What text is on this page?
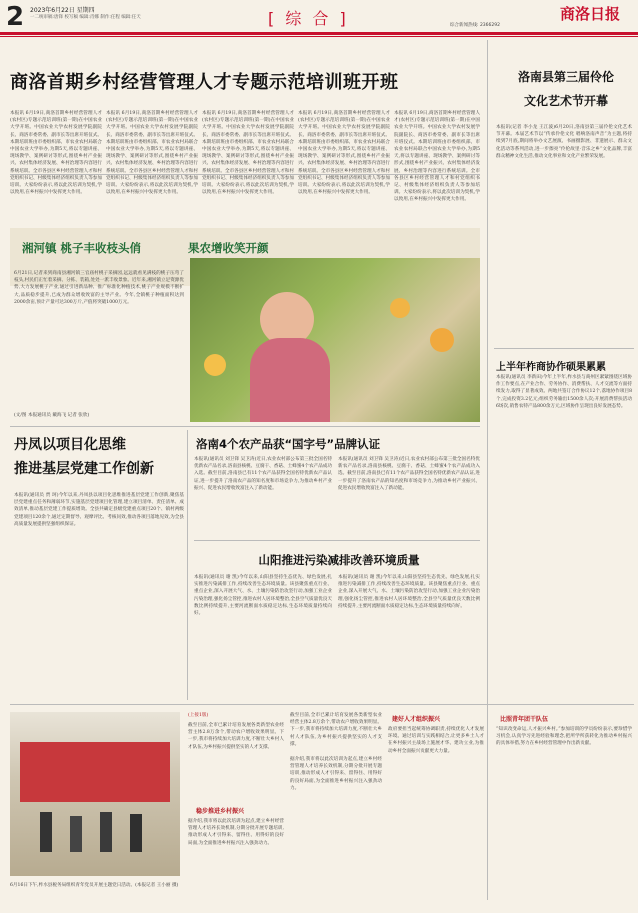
2 2023年6月22日 星期四
一二统审稿:唐锋 校写稿 编辑:肖娜 制作:任程 编辑:任天	[ 综 合 ]	商洛日报
综合新闻热线: 2366292
商洛首期乡村经营管理人才专题示范培训班开班
本报讯 6月19日,商洛首期乡村经营管理人才(农村区)专题示范培训班(第一期)在中国农业大学开班。中国农业大学农村发展学院副院长、商洛市委常委、副市长等出席开班仪式。本期培训班由市委组织部、市农业农村局联合中国农业大学举办,为期5天,将以专题讲座、现场教学、案例研讨等形式,围绕乡村产业振兴、农村集体经济发展、乡村治理等内容进行系统培训。全市各县区乡村经营管理人才和村党组织书记、村级集体经济组织负责人等参加培训。大家纷纷表示,将以此次培训为契机,学以致用,在乡村振兴中发挥更大作用。
本报讯 6月19日,商洛首期乡村经营管理人才(农村区)专题示范培训班(第一期)在中国农业大学开班。中国农业大学农村发展学院副院长、商洛市委常委、副市长等出席开班仪式。本期培训班由市委组织部、市农业农村局联合中国农业大学举办,为期5天,将以专题讲座、现场教学、案例研讨等形式,围绕乡村产业振兴、农村集体经济发展、乡村治理等内容进行系统培训。全市各县区乡村经营管理人才和村党组织书记、村级集体经济组织负责人等参加培训。大家纷纷表示,将以此次培训为契机,学以致用,在乡村振兴中发挥更大作用。
本报讯 6月19日,商洛首期乡村经营管理人才(农村区)专题示范培训班(第一期)在中国农业大学开班。中国农业大学农村发展学院副院长、商洛市委常委、副市长等出席开班仪式。本期培训班由市委组织部、市农业农村局联合中国农业大学举办,为期5天,将以专题讲座、现场教学、案例研讨等形式,围绕乡村产业振兴、农村集体经济发展、乡村治理等内容进行系统培训。全市各县区乡村经营管理人才和村党组织书记、村级集体经济组织负责人等参加培训。大家纷纷表示,将以此次培训为契机,学以致用,在乡村振兴中发挥更大作用。
本报讯 6月19日,商洛首期乡村经营管理人才(农村区)专题示范培训班(第一期)在中国农业大学开班。中国农业大学农村发展学院副院长、商洛市委常委、副市长等出席开班仪式。本期培训班由市委组织部、市农业农村局联合中国农业大学举办,为期5天,将以专题讲座、现场教学、案例研讨等形式,围绕乡村产业振兴、农村集体经济发展、乡村治理等内容进行系统培训。全市各县区乡村经营管理人才和村党组织书记、村级集体经济组织负责人等参加培训。大家纷纷表示,将以此次培训为契机,学以致用,在乡村振兴中发挥更大作用。
本报讯 6月19日,商洛首期乡村经营管理人才(农村区)专题示范培训班(第一期)在中国农业大学开班。中国农业大学农村发展学院副院长、商洛市委常委、副市长等出席开班仪式。本期培训班由市委组织部、市农业农村局联合中国农业大学举办,为期5天,将以专题讲座、现场教学、案例研讨等形式,围绕乡村产业振兴、农村集体经济发展、乡村治理等内容进行系统培训。全市各县区乡村经营管理人才和村党组织书记、村级集体经济组织负责人等参加培训。大家纷纷表示,将以此次培训为契机,学以致用,在乡村振兴中发挥更大作用。
湘河镇 桃子丰收枝头俏	果农增收笑开颜
6月21日,记者来到商南县湘河镇三官庙村桃子采摘园,远远就看见满枝的桃子压弯了枝头,村民们正忙着采摘、分拣、装箱,处处一派丰收景象。近年来,湘河镇立足资源优势,大力发展桃子产业,通过引进新品种、推广标准化种植技术,桃子产业规模不断扩大,品质稳步提升,已成为群众增收致富的主导产业。今年,全镇桃子种植面积达到2000余亩,预计产量可达300万斤,产值将突破1000万元。
(文/图 本报通讯员 戴海飞 记者 张欣)
丹凤以项目化思维
推进基层党建工作创新
本报讯(通讯员 贾 珂)今年以来,丹凤县以项目化思维推进基层党建工作创新,聚焦基层党建重点任务和薄弱环节,实施基层党建项目化管理,建立项目清单、责任清单、成效清单,推动基层党建工作提质增效。全县共确定县级党建重点项目20个、镇村两级党建项目120余个,通过定期督导、观摩评比、考核问效,推动各项目落地见效,为全县高质量发展提供坚强组织保证。
洛南4个农产品获“国字号”品牌认证
本报讯(通讯员 刘卫锋 吴卫涛)近日,农业农村部公布第三批全国名特优新农产品名录,洛南县核桃、豆腐干、香菇、土蜂蜜4个农产品成功入选。截至目前,洛南县已有11个农产品获得全国名特优新农产品认证,进一步提升了洛南农产品的知名度和市场竞争力,为推动乡村产业振兴、促进农民增收致富注入了新动能。
本报讯(通讯员 刘卫锋 吴卫涛)近日,农业农村部公布第三批全国名特优新农产品名录,洛南县核桃、豆腐干、香菇、土蜂蜜4个农产品成功入选。截至目前,洛南县已有11个农产品获得全国名特优新农产品认证,进一步提升了洛南农产品的知名度和市场竞争力,为推动乡村产业振兴、促进农民增收致富注入了新动能。
山阳推进污染减排改善环境质量
本报讯(通讯员 谢 凯)今年以来,山阳县坚持生态优先、绿色发展,扎实推进污染减排工作,持续改善生态环境质量。该县聚焦重点行业、重点企业,深入开展大气、水、土壤污染防治攻坚行动,加强工业企业污染治理,强化扬尘管控,推进农村人居环境整治,全县空气质量优良天数比例持续提升,主要河流断面水质稳定达标,生态环境质量持续向好。
本报讯(通讯员 谢 凯)今年以来,山阳县坚持生态优先、绿色发展,扎实推进污染减排工作,持续改善生态环境质量。该县聚焦重点行业、重点企业,深入开展大气、水、土壤污染防治攻坚行动,加强工业企业污染治理,强化扬尘管控,推进农村人居环境整治,全县空气质量优良天数比例持续提升,主要河流断面水质稳定达标,生态环境质量持续向好。
洛南县第三届伶伦
文化艺术节开幕
本报讯(记者 李小龙 王江波)6月20日,洛南县第三届伶伦文化艺术节开幕。本届艺术节以“传承伶伦文化 唱响洛南声音”为主题,将持续到7月底,期间将举办文艺展演、书画摄影展、非遗展示、群众文化活动等系列活动,进一步擦亮“伶伦故里·音乐之乡”文化品牌,丰富群众精神文化生活,推动文化事业和文化产业繁荣发展。
上半年柞商协作硕果累累
本报讯(通讯员 李新田)今年上半年,柞水县与商州区紧紧围绕区域协作工作要点,在产业合作、劳务协作、消费帮扶、人才交流等方面持续发力,取得了显著成效。两地共签订合作协议12个,落地协作项目8个,完成投资3.2亿元;组织劳务输出1500余人次;开展消费帮扶活动6场次,销售农特产品800余万元,区域协作呈现出良好发展态势。
6月16日下午,柞水县税务局组织青年党员开展主题党日活动。(本报记者 王小丽 摄)
(上接1版)
截至目前,全市已累计培育发展各类新型农业经营主体2.8万余个,带动农户增收效果明显。下一步,我市将持续加大培训力度,不断壮大乡村人才队伍,为乡村振兴提供坚实的人才支撑。
稳步推进乡村振兴
据介绍,我市将以此次培训为起点,建立乡村经营管理人才培养长效机制,分期分批开展专题培训,推动形成人才引得来、留得住、用得好的良好局面,为全面推进乡村振兴注入强劲动力。
截至目前,全市已累计培育发展各类新型农业经营主体2.8万余个,带动农户增收效果明显。下一步,我市将持续加大培训力度,不断壮大乡村人才队伍,为乡村振兴提供坚实的人才支撑。
据介绍,我市将以此次培训为起点,建立乡村经营管理人才培养长效机制,分期分批开展专题培训,推动形成人才引得来、留得住、用得好的良好局面,为全面推进乡村振兴注入强劲动力。
建好人才组织振兴
政府要担当起统筹协调职责,持续优化人才发展环境。通过培训与实践相结合,让更多乡土人才在乡村振兴主战场上施展才华、建功立业,为推动乡村全面振兴贡献更大力量。
比照青年团干队伍
“知识改变命运,人才振兴乡村。”参加培训的学员纷纷表示,要珍惜学习机会,认真学习先进经验和理念,把所学所获转化为推动乡村振兴的具体举措,努力在乡村经营管理中作出新贡献。
